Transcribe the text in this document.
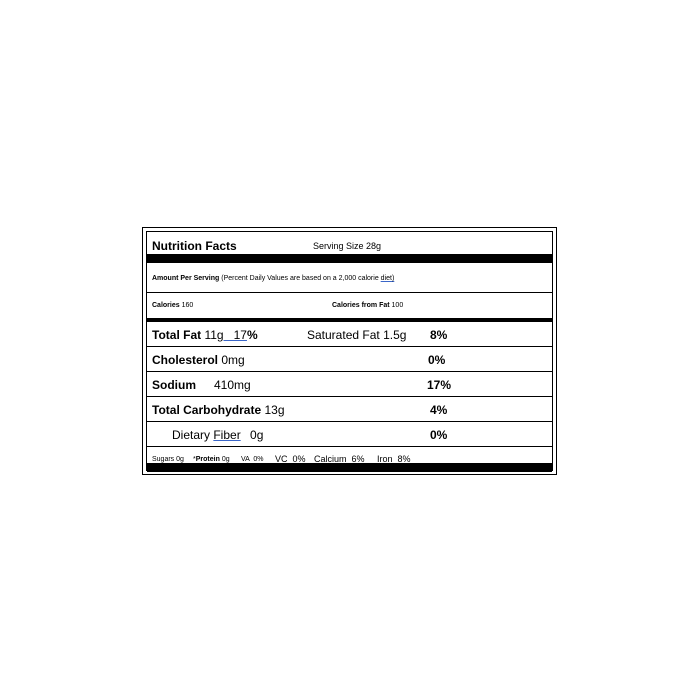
Nutrition Facts	Serving Size 28g
Amount Per Serving (Percent Daily Values are based on a 2,000 calorie diet)
Calories 160	Calories from Fat 100
Total Fat 11g   17%	Saturated Fat 1.5g 8%
Cholesterol 0mg	0%
Sodium 410mg	17%
Total Carbohydrate 13g	4%
Dietary Fiber 0g	0%
Sugars 0g *Protein 0g VA  0% VC  0% Calcium  6% Iron  8%
